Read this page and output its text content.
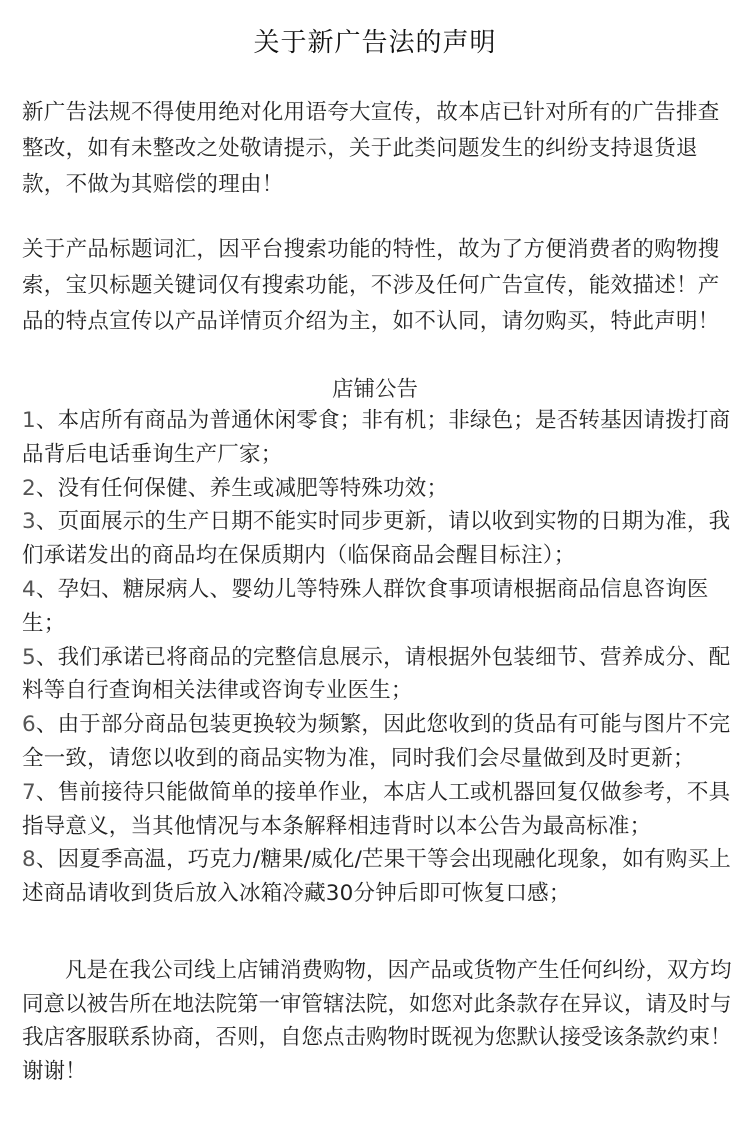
关于新广告法的声明
新广告法规不得使用绝对化用语夸大宣传，故本店已针对所有的广告排查整改，如有未整改之处敬请提示，关于此类问题发生的纠纷支持退货退款，不做为其赔偿的理由！
关于产品标题词汇，因平台搜索功能的特性，故为了方便消费者的购物搜索，宝贝标题关键词仅有搜索功能，不涉及任何广告宣传，能效描述！产品的特点宣传以产品详情页介绍为主，如不认同，请勿购买，特此声明！
店铺公告
1、本店所有商品为普通休闲零食；非有机；非绿色；是否转基因请拨打商品背后电话垂询生产厂家；
2、没有任何保健、养生或减肥等特殊功效；
3、页面展示的生产日期不能实时同步更新，请以收到实物的日期为准，我们承诺发出的商品均在保质期内（临保商品会醒目标注）；
4、孕妇、糖尿病人、婴幼儿等特殊人群饮食事项请根据商品信息咨询医生；
5、我们承诺已将商品的完整信息展示，请根据外包装细节、营养成分、配料等自行查询相关法律或咨询专业医生；
6、由于部分商品包装更换较为频繁，因此您收到的货品有可能与图片不完全一致，请您以收到的商品实物为准，同时我们会尽量做到及时更新；
7、售前接待只能做简单的接单作业，本店人工或机器回复仅做参考，不具指导意义，当其他情况与本条解释相违背时以本公告为最高标准；
8、因夏季高温，巧克力/糖果/威化/芒果干等会出现融化现象，如有购买上述商品请收到货后放入冰箱冷藏30分钟后即可恢复口感；
凡是在我公司线上店铺消费购物，因产品或货物产生任何纠纷，双方均同意以被告所在地法院第一审管辖法院，如您对此条款存在异议，请及时与我店客服联系协商，否则，自您点击购物时既视为您默认接受该条款约束！谢谢！
